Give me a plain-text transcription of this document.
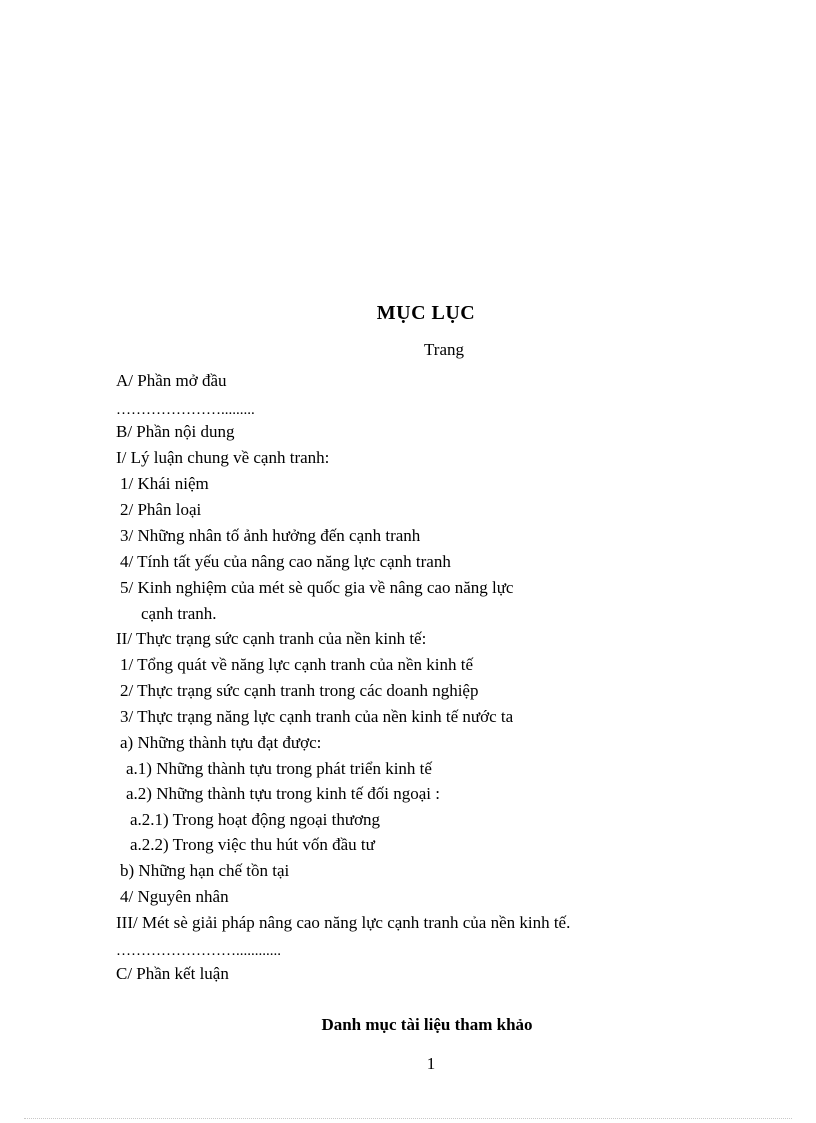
MỤC LỤC
Trang
A/ Phần mở đầu
………………….........
B/ Phần nội dung
I/ Lý luận chung về cạnh tranh:
1/ Khái niệm
2/ Phân loại
3/ Những nhân tố ảnh hưởng đến cạnh tranh
4/ Tính tất yếu của nâng cao năng lực cạnh tranh
5/ Kinh nghiệm của mét sè quốc gia về nâng cao năng lực
cạnh tranh.
II/ Thực trạng sức cạnh tranh của nền kinh tế:
1/ Tổng quát về năng lực cạnh tranh của nền kinh tế
2/ Thực trạng sức cạnh tranh trong các doanh nghiệp
3/ Thực trạng năng lực cạnh tranh của nền kinh tế nước ta
a) Những thành tựu đạt được:
a.1) Những thành tựu trong phát triển kinh tế
a.2) Những thành tựu trong kinh tế đối ngoại :
a.2.1) Trong hoạt động ngoại thương
a.2.2) Trong việc thu hút vốn đầu tư
b) Những hạn chế tồn tại
4/ Nguyên nhân
III/ Mét sè giải pháp nâng cao năng lực cạnh tranh của nền kinh tế.
……………………............
C/ Phần kết luận
Danh mục tài liệu tham khảo
1
